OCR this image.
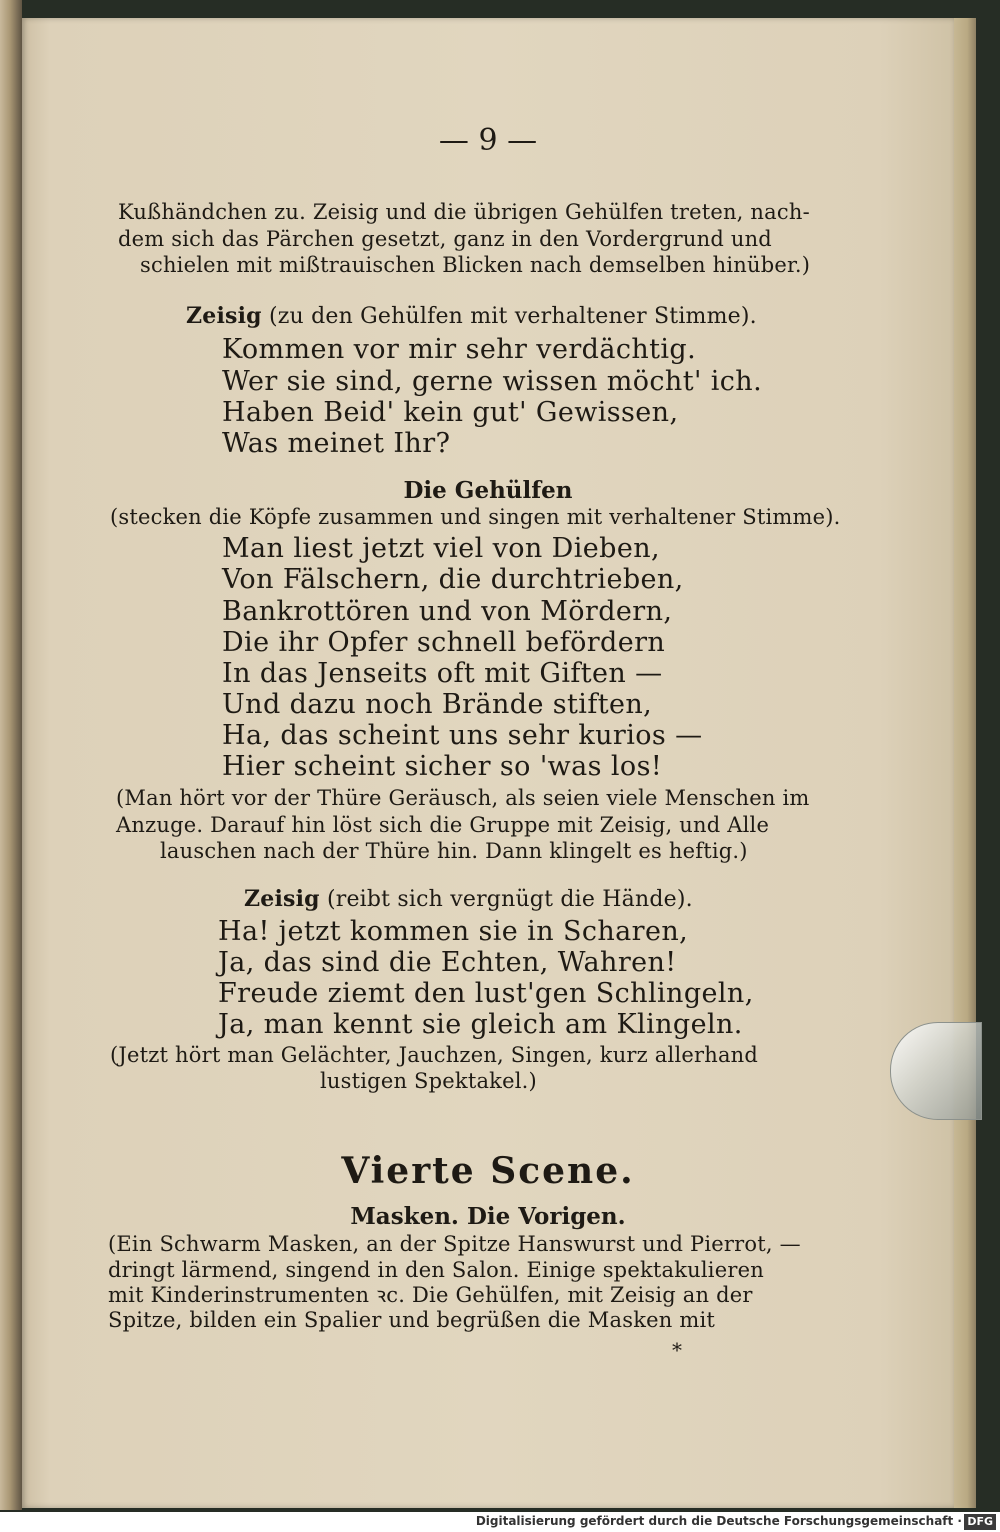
— 9 —

Kußhändchen zu. Zeisig und die übrigen Gehülfen treten, nach-

dem sich das Pärchen gesetzt, ganz in den Vordergrund und

schielen mit mißtrauischen Blicken nach demselben hinüber.)

Zeisig (zu den Gehülfen mit verhaltener Stimme).

Kommen vor mir sehr verdächtig.

Wer sie sind, gerne wissen möcht' ich.

Haben Beid' kein gut' Gewissen,

Was meinet Ihr?

Die Gehülfen

(stecken die Köpfe zusammen und singen mit verhaltener Stimme).

Man liest jetzt viel von Dieben,

Von Fälschern, die durchtrieben,

Bankrottören und von Mördern,

Die ihr Opfer schnell befördern

In das Jenseits oft mit Giften —

Und dazu noch Brände stiften,

Ha, das scheint uns sehr kurios —

Hier scheint sicher so 'was los!

(Man hört vor der Thüre Geräusch, als seien viele Menschen im

Anzuge. Darauf hin löst sich die Gruppe mit Zeisig, und Alle

lauschen nach der Thüre hin. Dann klingelt es heftig.)

Zeisig (reibt sich vergnügt die Hände).

Ha! jetzt kommen sie in Scharen,

Ja, das sind die Echten, Wahren!

Freude ziemt den lust'gen Schlingeln,

Ja, man kennt sie gleich am Klingeln.

(Jetzt hört man Gelächter, Jauchzen, Singen, kurz allerhand

lustigen Spektakel.)

Vierte Scene.

Masken. Die Vorigen.

(Ein Schwarm Masken, an der Spitze Hanswurst und Pierrot, —

dringt lärmend, singend in den Salon. Einige spektakulieren

mit Kinderinstrumenten ꝛc. Die Gehülfen, mit Zeisig an der

Spitze, bilden ein Spalier und begrüßen die Masken mit

*

Digitalisierung gefördert durch die Deutsche Forschungsgemeinschaft · DFG
